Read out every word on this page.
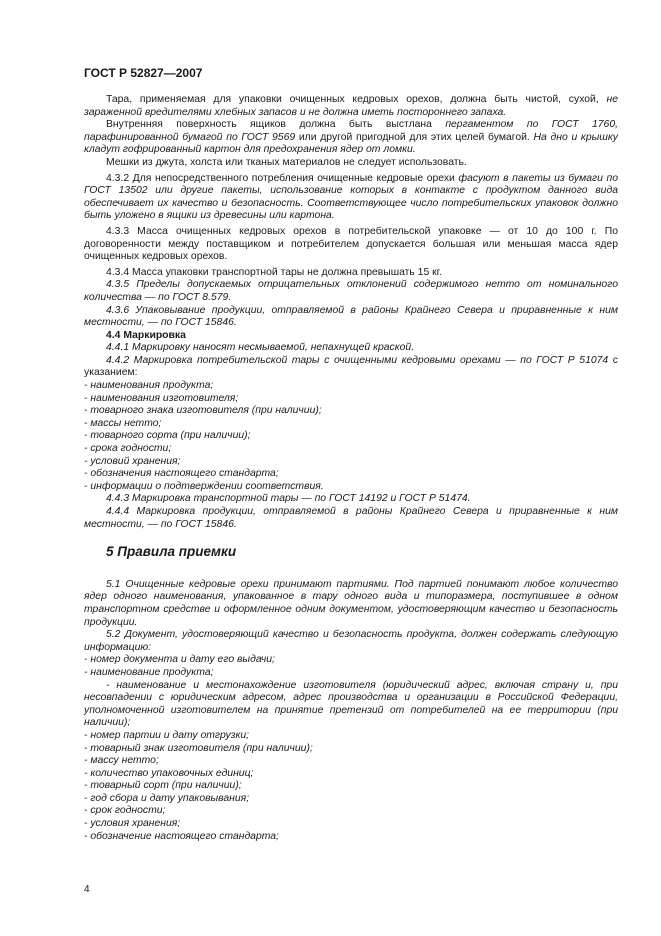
ГОСТ Р 52827—2007

Тара, применяемая для упаковки очищенных кедровых орехов, должна быть чистой, сухой, не зараженной вредителями хлебных запасов и не должна иметь постороннего запаха.

Внутренняя поверхность ящиков должна быть выстлана пергаментом по ГОСТ 1760, парафинированной бумагой по ГОСТ 9569 или другой пригодной для этих целей бумагой. На дно и крышку кладут гофрированный картон для предохранения ядер от ломки.

Мешки из джута, холста или тканых материалов не следует использовать.

4.3.2 Для непосредственного потребления очищенные кедровые орехи фасуют в пакеты из бумаги по ГОСТ 13502 или другие пакеты, использование которых в контакте с продуктом данного вида обеспечивает их качество и безопасность. Соответствующее число потребительских упаковок должно быть уложено в ящики из древесины или картона.

4.3.3 Масса очищенных кедровых орехов в потребительской упаковке — от 10 до 100 г. По договоренности между поставщиком и потребителем допускается большая или меньшая масса ядер очищенных кедровых орехов.

4.3.4 Масса упаковки транспортной тары не должна превышать 15 кг.

4.3.5 Пределы допускаемых отрицательных отклонений содержимого нетто от номинального количества — по ГОСТ 8.579.

4.3.6 Упаковывание продукции, отправляемой в районы Крайнего Севера и приравненные к ним местности, — по ГОСТ 15846.

4.4 Маркировка

4.4.1 Маркировку наносят несмываемой, непахнущей краской.

4.4.2 Маркировка потребительской тары с очищенными кедровыми орехами — по ГОСТ Р 51074 с указанием:

- наименования продукта;

- наименования изготовителя;

- товарного знака изготовителя (при наличии);

- массы нетто;

- товарного сорта (при наличии);

- срока годности;

- условий хранения;

- обозначения настоящего стандарта;

- информации о подтверждении соответствия.

4.4.3 Маркировка транспортной тары — по ГОСТ 14192 и ГОСТ Р 51474.

4.4.4 Маркировка продукции, отправляемой в районы Крайнего Севера и приравненные к ним местности, — по ГОСТ 15846.

5 Правила приемки

5.1 Очищенные кедровые орехи принимают партиями. Под партией понимают любое количество ядер одного наименования, упакованное в тару одного вида и типоразмера, поступившее в одном транспортном средстве и оформленное одним документом, удостоверяющим качество и безопасность продукции.

5.2 Документ, удостоверяющий качество и безопасность продукта, должен содержать следующую информацию:

- номер документа и дату его выдачи;

- наименование продукта;

- наименование и местонахождение изготовителя (юридический адрес, включая страну и, при несовпадении с юридическим адресом, адрес производства и организации в Российской Федерации, уполномоченной изготовителем на принятие претензий от потребителей на ее территории (при наличии);

- номер партии и дату отгрузки;

- товарный знак изготовителя (при наличии);

- массу нетто;

- количество упаковочных единиц;

- товарный сорт (при наличии);

- год сбора и дату упаковывания;

- срок годности;

- условия хранения;

- обозначение настоящего стандарта;

4
